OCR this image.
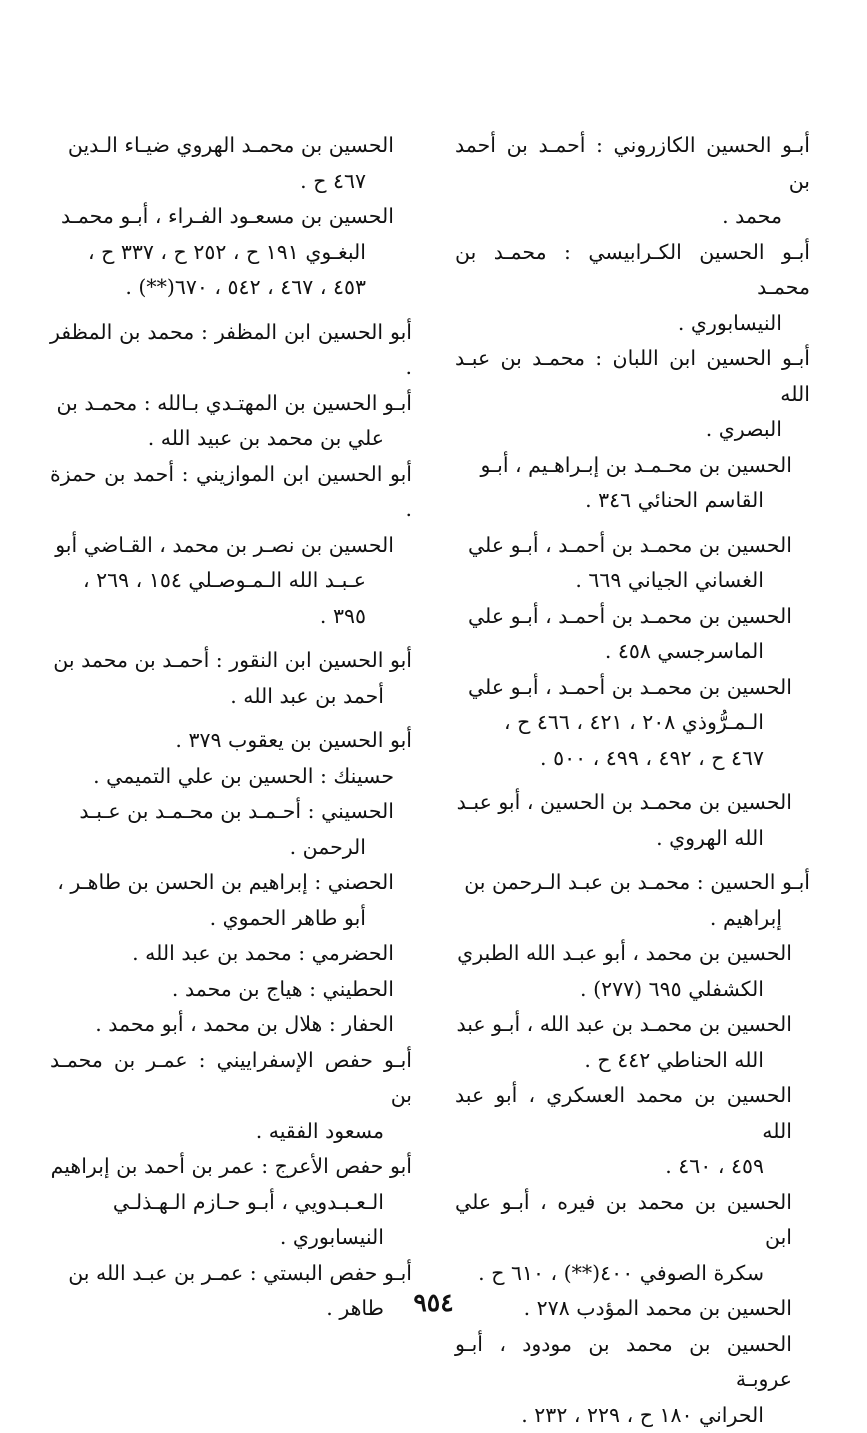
أبـو الحسين الكازروني : أحمـد بن أحمد بن
محمد .

أبـو الحسين الكـرابيسي : محمـد بن محمـد
النيسابوري .

أبـو الحسين ابن اللبان : محمـد بن عبـد الله
البصري .

الحسين بن محـمـد بن إبـراهـيم ، أبـو
القاسم الحنائي ٣٤٦ .

الحسين بن محمـد بن أحمـد ، أبـو علي
الغساني الجياني ٦٦٩ .

الحسين بن محمـد بن أحمـد ، أبـو علي
الماسرجسي ٤٥٨ .

الحسين بن محمـد بن أحمـد ، أبـو علي
الـمـرُّوذي ٢٠٨ ، ٤٢١ ، ٤٦٦ ح ،
٤٦٧ ح ، ٤٩٢ ، ٤٩٩ ، ٥٠٠ .

الحسين بن محمـد بن الحسين ، أبو عبـد
الله الهروي .

أبـو الحسين : محمـد بن عبـد الـرحمن بن
إبراهيم .

الحسين بن محمد ، أبو عبـد الله الطبري
الكشفلي ٦٩٥ (٢٧٧) .

الحسين بن محمـد بن عبد الله ، أبـو عبد
الله الحناطي ٤٤٢ ح .

الحسين بن محمد العسكري ، أبو عبد الله
٤٥٩ ، ٤٦٠ .

الحسين بن محمد بن فيره ، أبـو علي ابن
سكرة الصوفي ٤٠٠(**) ، ٦١٠ ح .

الحسين بن محمد المؤدب ٢٧٨ .

الحسين بن محمد بن مودود ، أبـو عروبـة
الحراني ١٨٠ ح ، ٢٢٩ ، ٢٣٢ .

الحسين بن محمـد الهروي ضيـاء الـدين
٤٦٧ ح .

الحسين بن مسعـود الفـراء ، أبـو محمـد
البغـوي ١٩١ ح ، ٢٥٢ ح ، ٣٣٧ ح ،
٤٥٣ ، ٤٦٧ ، ٥٤٢ ، ٦٧٠(**) .

أبو الحسين ابن المظفر : محمد بن المظفر .

أبـو الحسين بن المهتـدي بـالله : محمـد بن
علي بن محمد بن عبيد الله .

أبو الحسين ابن الموازيني : أحمد بن حمزة .

الحسين بن نصـر بن محمد ، القـاضي أبو
عـبـد الله الـمـوصـلي ١٥٤ ، ٢٦٩ ،
٣٩٥ .

أبو الحسين ابن النقور : أحمـد بن محمد بن
أحمد بن عبد الله .

أبو الحسين بن يعقوب ٣٧٩ .

حسينك : الحسين بن علي التميمي .

الحسيني : أحـمـد بن محـمـد بن عـبـد
الرحمن .

الحصني : إبراهيم بن الحسن بن طاهـر ،
أبو طاهر الحموي .

الحضرمي : محمد بن عبد الله .

الحطيني : هياج بن محمد .

الحفار : هلال بن محمد ، أبو محمد .

أبـو حفص الإسفراييني : عمـر بن محمـد بن
مسعود الفقيه .

أبو حفص الأعرج : عمر بن أحمد بن إبراهيم
الـعـبـدويي ، أبـو حـازم الـهـذلـي
النيسابوري .

أبـو حفص البستي : عمـر بن عبـد الله بن
طاهر .	٩٥٤
